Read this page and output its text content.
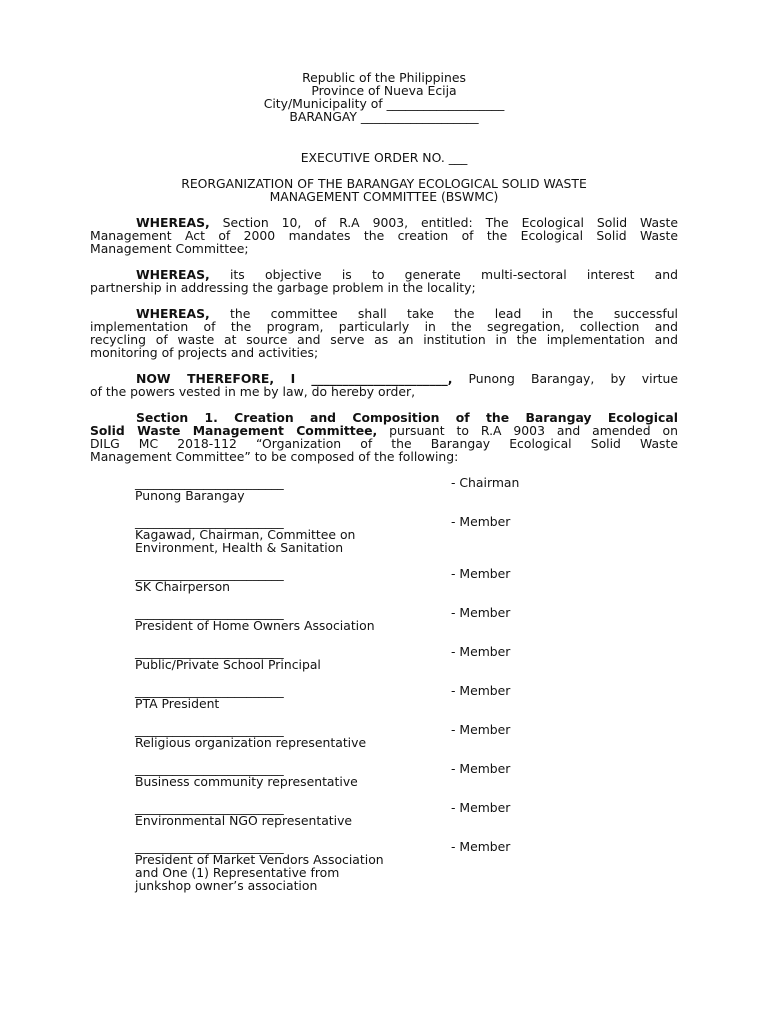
Republic of the Philippines
Province of Nueva Ecija
City/Municipality of ___________________
BARANGAY ___________________
EXECUTIVE ORDER NO. ___
REORGANIZATION OF THE BARANGAY ECOLOGICAL SOLID WASTE
MANAGEMENT COMMITTEE (BSWMC)
WHEREAS, Section 10, of R.A 9003, entitled: The Ecological Solid Waste
Management Act of 2000 mandates the creation of the Ecological Solid Waste
Management Committee;
WHEREAS, its objective is to generate multi-sectoral interest and
partnership in addressing the garbage problem in the locality;
WHEREAS, the committee shall take the lead in the successful
implementation of the program, particularly in the segregation, collection and
recycling of waste at source and serve as an institution in the implementation and
monitoring of projects and activities;
NOW THEREFORE, I ______________________, Punong Barangay, by virtue
of the powers vested in me by law, do hereby order,
Section 1. Creation and Composition of the Barangay Ecological
Solid Waste Management Committee, pursuant to R.A 9003 and amended on
DILG MC 2018-112 “Organization of the Barangay Ecological Solid Waste
Management Committee” to be composed of the following:
________________________	- Chairman
Punong Barangay
________________________	- Member
Kagawad, Chairman, Committee on
Environment, Health & Sanitation
________________________	- Member
SK Chairperson
________________________	- Member
President of Home Owners Association
________________________	- Member
Public/Private School Principal
________________________	- Member
PTA President
________________________	- Member
Religious organization representative
________________________	- Member
Business community representative
________________________	- Member
Environmental NGO representative
________________________	- Member
President of Market Vendors Association
and One (1) Representative from
junkshop owner’s association
